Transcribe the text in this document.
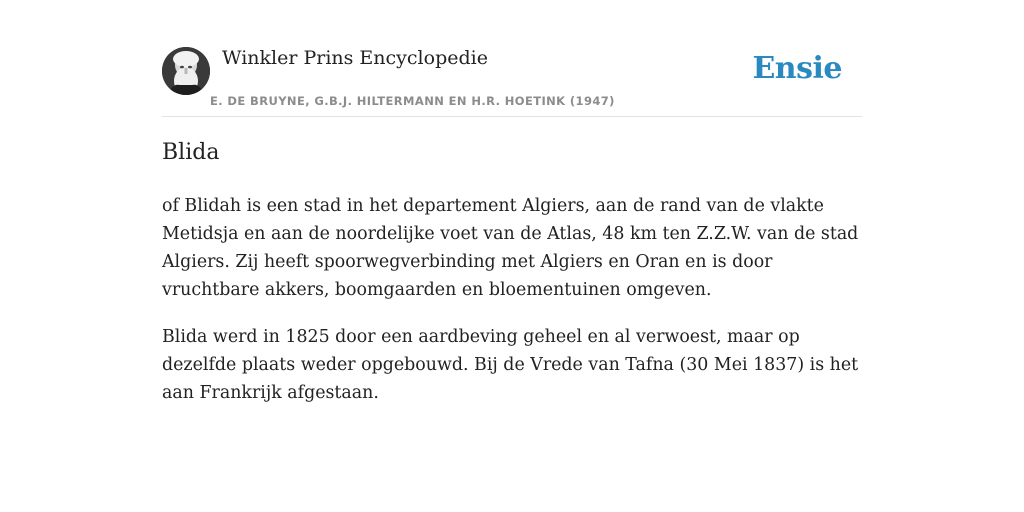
Winkler Prins Encyclopedie
E. DE BRUYNE, G.B.J. HILTERMANN EN H.R. HOETINK (1947)
Ensie
Blida

of Blidah is een stad in het departement Algiers, aan de rand van de vlakte Metidsja en aan de noordelijke voet van de Atlas, 48 km ten Z.Z.W. van de stad Algiers. Zij heeft spoorwegverbinding met Algiers en Oran en is door vruchtbare akkers, boomgaarden en bloementuinen omgeven.

Blida werd in 1825 door een aardbeving geheel en al verwoest, maar op dezelfde plaats weder opgebouwd. Bij de Vrede van Tafna (30 Mei 1837) is het aan Frankrijk afgestaan.
